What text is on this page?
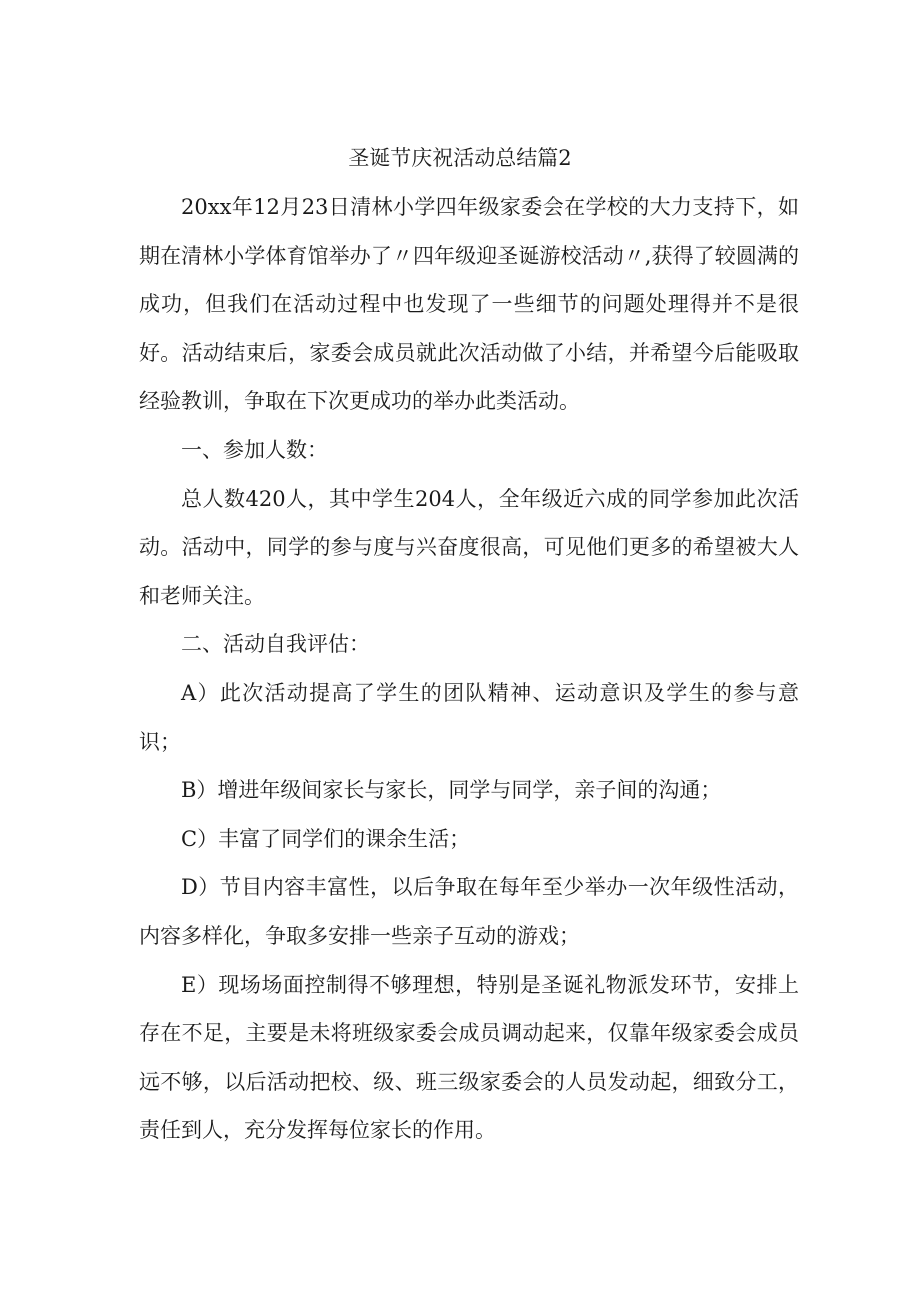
圣诞节庆祝活动总结篇2

20xx年12月23日清林小学四年级家委会在学校的大力支持下，如期在清林小学体育馆举办了〃四年级迎圣诞游校活动〃,获得了较圆满的成功，但我们在活动过程中也发现了一些细节的问题处理得并不是很好。活动结束后，家委会成员就此次活动做了小结，并希望今后能吸取经验教训，争取在下次更成功的举办此类活动。

一、参加人数：

总人数420人，其中学生204人，全年级近六成的同学参加此次活动。活动中，同学的参与度与兴奋度很高，可见他们更多的希望被大人和老师关注。

二、活动自我评估：

A）此次活动提高了学生的团队精神、运动意识及学生的参与意识；

B）增进年级间家长与家长，同学与同学，亲子间的沟通；

C）丰富了同学们的课余生活；

D）节目内容丰富性，以后争取在每年至少举办一次年级性活动，内容多样化，争取多安排一些亲子互动的游戏；

E）现场场面控制得不够理想，特别是圣诞礼物派发环节，安排上存在不足，主要是未将班级家委会成员调动起来，仅靠年级家委会成员远不够，以后活动把校、级、班三级家委会的人员发动起，细致分工，责任到人，充分发挥每位家长的作用。
